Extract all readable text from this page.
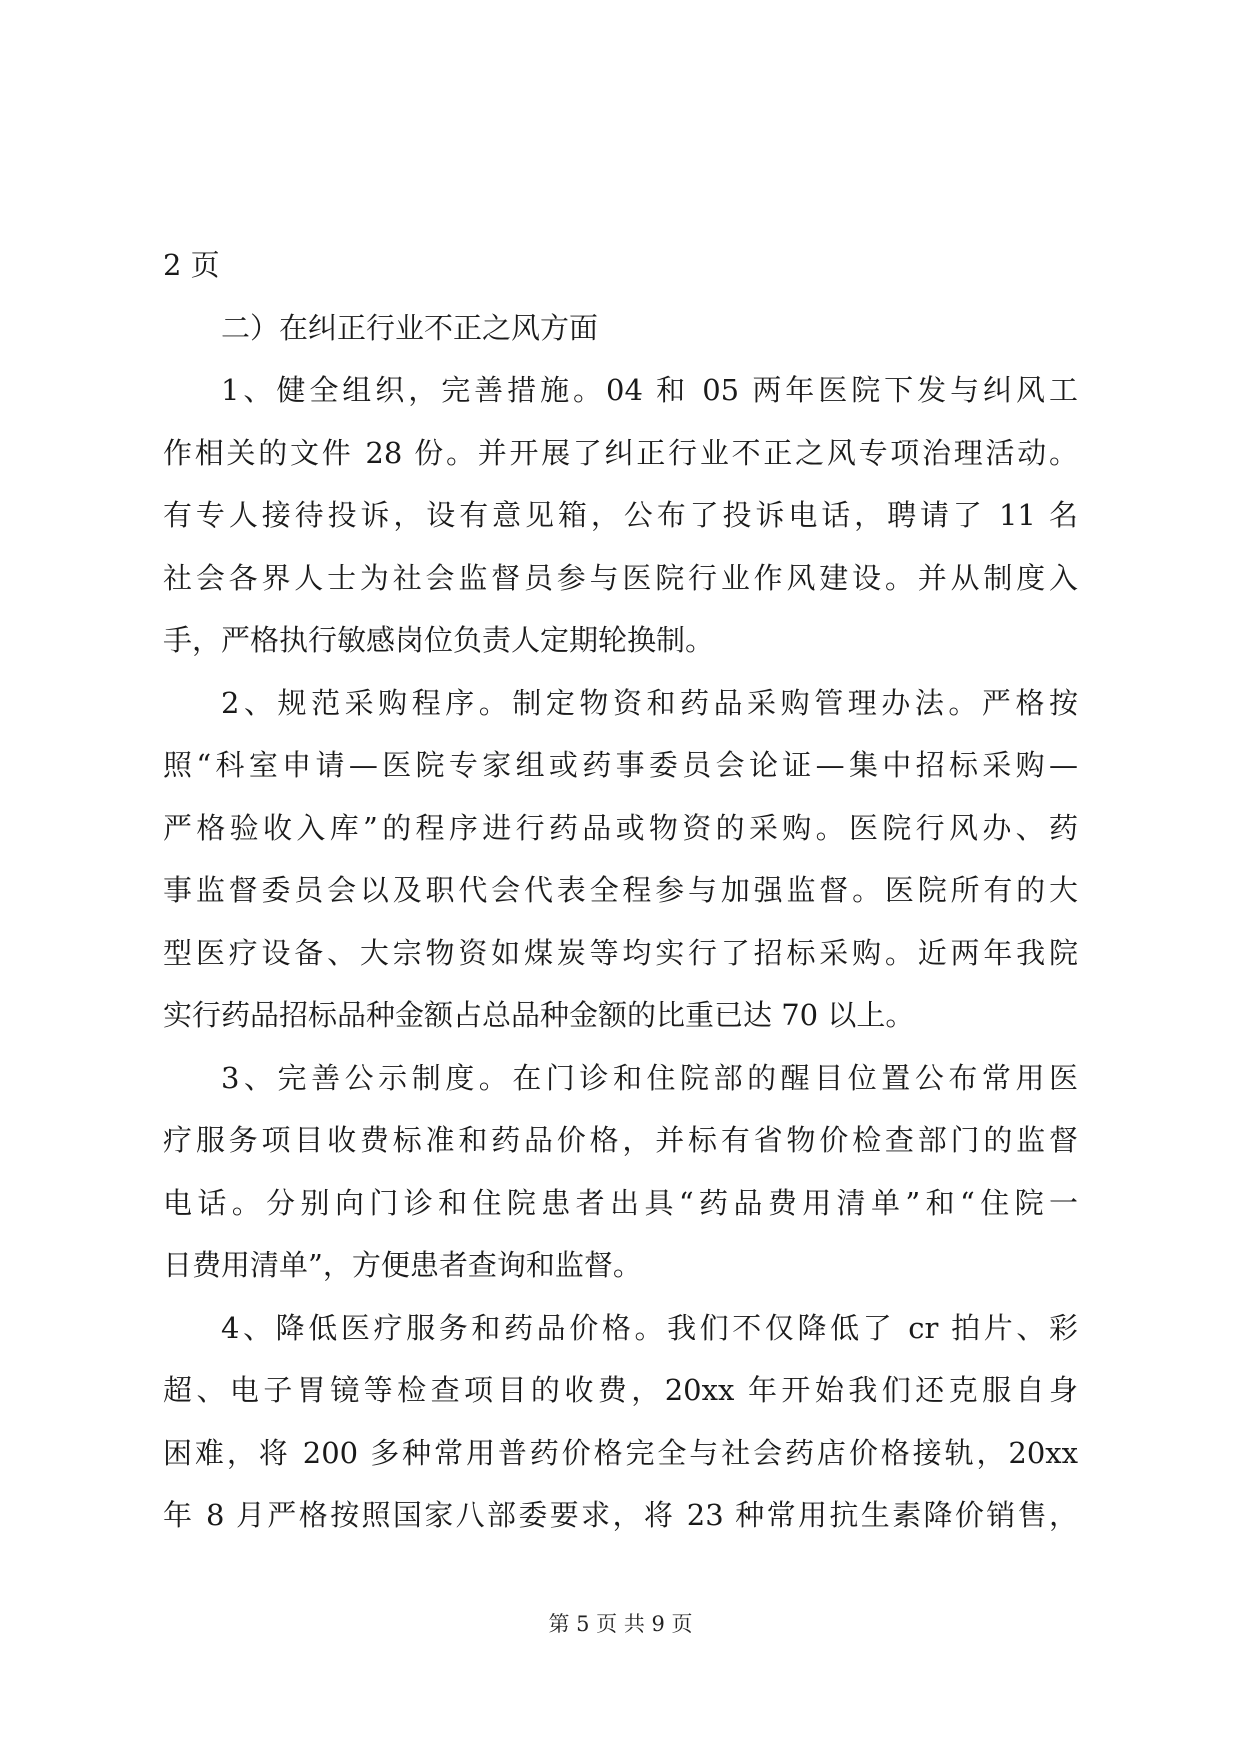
2 页
二）在纠正行业不正之风方面
1、健全组织，完善措施。04 和 05 两年医院下发与纠风工
作相关的文件 28 份。并开展了纠正行业不正之风专项治理活动。
有专人接待投诉，设有意见箱，公布了投诉电话，聘请了 11 名
社会各界人士为社会监督员参与医院行业作风建设。并从制度入
手，严格执行敏感岗位负责人定期轮换制。
2、规范采购程序。制定物资和药品采购管理办法。严格按
照“科室申请—医院专家组或药事委员会论证—集中招标采购—
严格验收入库”的程序进行药品或物资的采购。医院行风办、药
事监督委员会以及职代会代表全程参与加强监督。医院所有的大
型医疗设备、大宗物资如煤炭等均实行了招标采购。近两年我院
实行药品招标品种金额占总品种金额的比重已达 70 以上。
3、完善公示制度。在门诊和住院部的醒目位置公布常用医
疗服务项目收费标准和药品价格，并标有省物价检查部门的监督
电话。分别向门诊和住院患者出具“药品费用清单”和“住院一
日费用清单”，方便患者查询和监督。
4、降低医疗服务和药品价格。我们不仅降低了 cr 拍片、彩
超、电子胃镜等检查项目的收费，20xx 年开始我们还克服自身
困难，将 200 多种常用普药价格完全与社会药店价格接轨，20xx
年 8 月严格按照国家八部委要求，将 23 种常用抗生素降价销售，
第 5 页 共 9 页
